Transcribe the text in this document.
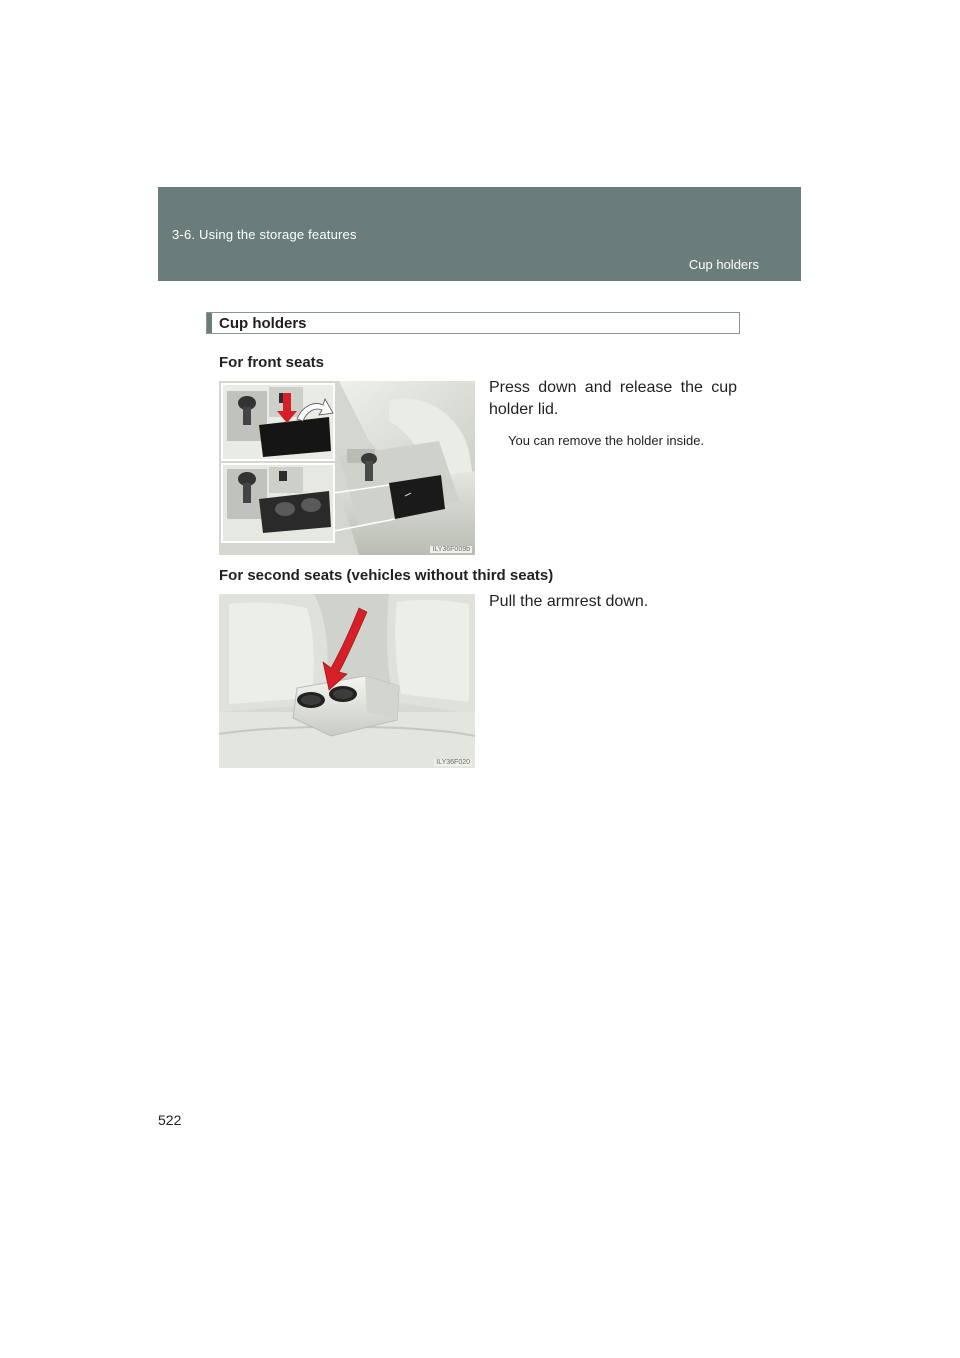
3-6. Using the storage features
Cup holders
Cup holders
For front seats
ILY36F009b
Press down and release the cup holder lid.
You can remove the holder inside.
For second seats (vehicles without third seats)
ILY36F020
Pull the armrest down.
522
